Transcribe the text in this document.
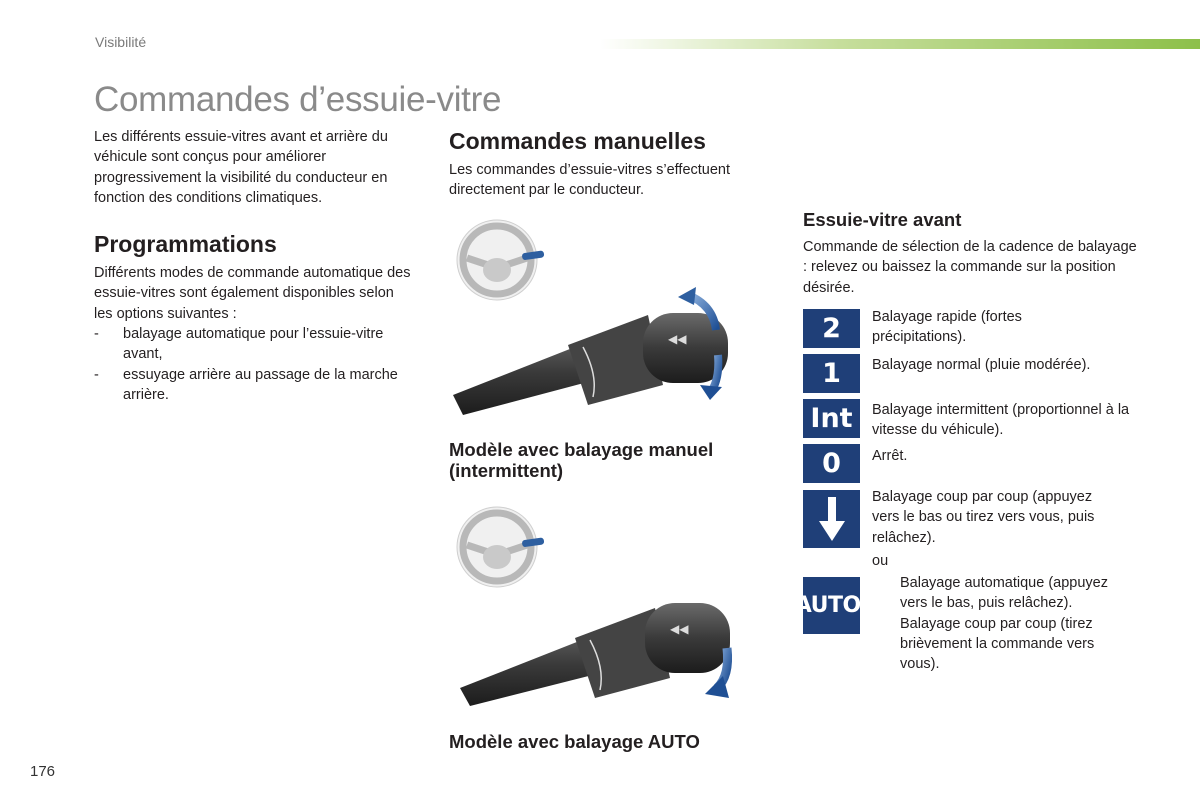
Visibilité
Commandes d’essuie-vitre

Les différents essuie-vitres avant et arrière du véhicule sont conçus pour améliorer progressivement la visibilité du conducteur en fonction des conditions climatiques.

Programmations

Différents modes de commande automatique des essuie-vitres sont également disponibles selon les options suivantes :

- balayage automatique pour l’essuie-vitre avant,
- essuyage arrière au passage de la marche arrière.
Commandes manuelles

Les commandes d’essuie-vitres s’effectuent directement par le conducteur.

◀◀
Modèle avec balayage manuel (intermittent)
◀◀
Modèle avec balayage AUTO
Essuie-vitre avant

Commande de sélection de la cadence de balayage : relevez ou baissez la commande sur la position désirée.

2 Balayage rapide (fortes précipitations).
1 Balayage normal (pluie modérée).
Int Balayage intermittent (proportionnel à la vitesse du véhicule).
0 Arrêt.
Balayage coup par coup (appuyez vers le bas ou tirez vers vous, puis relâchez).
ou
AUTO ↓
Balayage automatique (appuyez vers le bas, puis relâchez). Balayage coup par coup (tirez brièvement la commande vers vous).
176
